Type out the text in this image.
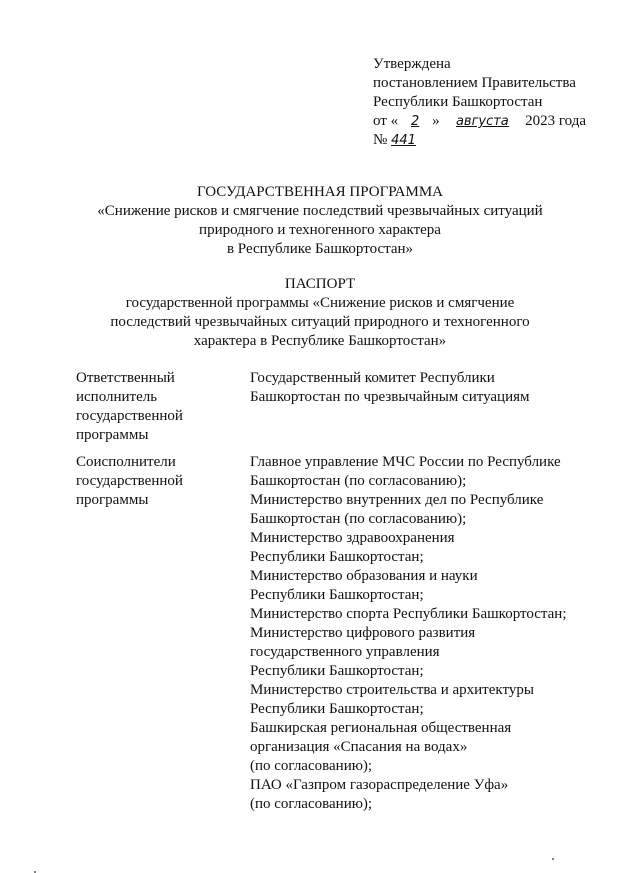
Утверждена
постановлением Правительства
Республики Башкортостан
от « 2 » августа 2023 года
№ 441
ГОСУДАРСТВЕННАЯ ПРОГРАММА
«Снижение рисков и смягчение последствий чрезвычайных ситуаций
природного и техногенного характера
в Республике Башкортостан»
ПАСПОРТ
государственной программы «Снижение рисков и смягчение
последствий чрезвычайных ситуаций природного и техногенного
характера в Республике Башкортостан»
Ответственный
исполнитель
государственной
программы
Государственный комитет Республики
Башкортостан по чрезвычайным ситуациям
Соисполнители
государственной
программы
Главное управление МЧС России по Республике
Башкортостан (по согласованию);
Министерство внутренних дел по Республике
Башкортостан (по согласованию);
Министерство здравоохранения
Республики Башкортостан;
Министерство образования и науки
Республики Башкортостан;
Министерство спорта Республики Башкортостан;
Министерство цифрового развития
государственного управления
Республики Башкортостан;
Министерство строительства и архитектуры
Республики Башкортостан;
Башкирская региональная общественная
организация «Спасания на водах»
(по согласованию);
ПАО «Газпром газораспределение Уфа»
(по согласованию);
